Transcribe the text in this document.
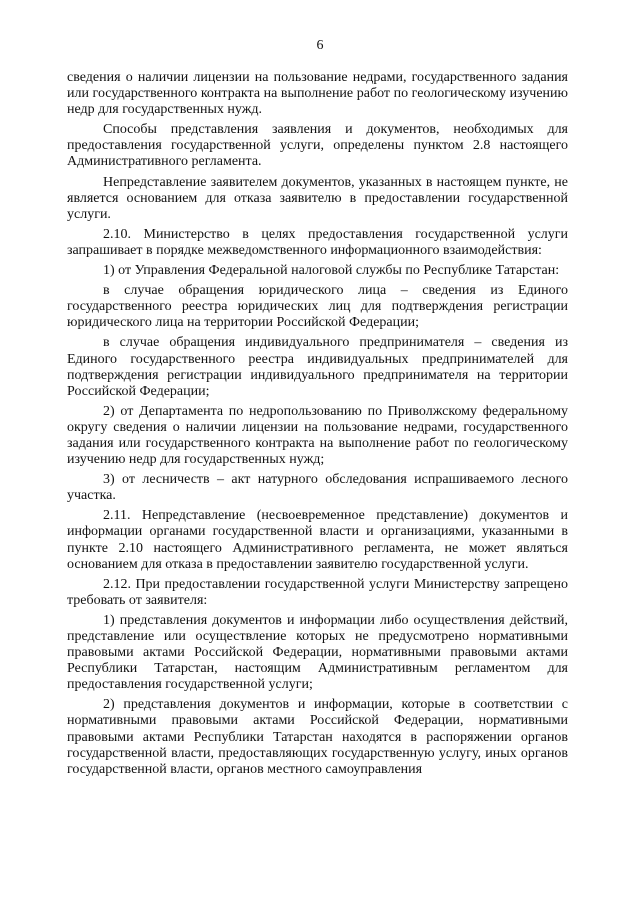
6

сведения о наличии лицензии на пользование недрами, государственного задания или государственного контракта на выполнение работ по геологическому изучению недр для государственных нужд.

Способы представления заявления и документов, необходимых для предоставления государственной услуги, определены пунктом 2.8 настоящего Административного регламента.

Непредставление заявителем документов, указанных в настоящем пункте, не является основанием для отказа заявителю в предоставлении государственной услуги.

2.10. Министерство в целях предоставления государственной услуги запрашивает в порядке межведомственного информационного взаимодействия:

1) от Управления Федеральной налоговой службы по Республике Татарстан:

в случае обращения юридического лица – сведения из Единого государственного реестра юридических лиц для подтверждения регистрации юридического лица на территории Российской Федерации;

в случае обращения индивидуального предпринимателя – сведения из Единого государственного реестра индивидуальных предпринимателей для подтверждения регистрации индивидуального предпринимателя на территории Российской Федерации;

2) от Департамента по недропользованию по Приволжскому федеральному округу сведения о наличии лицензии на пользование недрами, государственного задания или государственного контракта на выполнение работ по геологическому изучению недр для государственных нужд;

3) от лесничеств – акт натурного обследования испрашиваемого лесного участка.

2.11. Непредставление (несвоевременное представление) документов и информации органами государственной власти и организациями, указанными в пункте 2.10 настоящего Административного регламента, не может являться основанием для отказа в предоставлении заявителю государственной услуги.

2.12. При предоставлении государственной услуги Министерству запрещено требовать от заявителя:

1) представления документов и информации либо осуществления действий, представление или осуществление которых не предусмотрено нормативными правовыми актами Российской Федерации, нормативными правовыми актами Республики Татарстан, настоящим Административным регламентом для предоставления государственной услуги;

2) представления документов и информации, которые в соответствии с нормативными правовыми актами Российской Федерации, нормативными правовыми актами Республики Татарстан находятся в распоряжении органов государственной власти, предоставляющих государственную услугу, иных органов государственной власти, органов местного самоуправления
